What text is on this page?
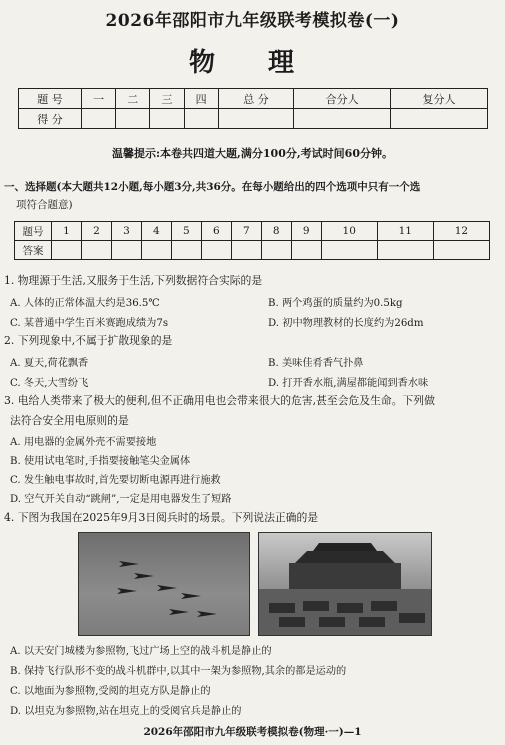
2026年邵阳市九年级联考模拟卷(一)
物 理
题 号	一	二	三	四	总 分	合分人	复分人
得 分							
温馨提示:本卷共四道大题,满分100分,考试时间60分钟。
一、选择题(本大题共12小题,每小题3分,共36分。在每小题给出的四个选项中只有一个选
项符合题意)
题号	1	2	3	4	5	6	7	8	9	10	11	12
答案												
1. 物理源于生活,又服务于生活,下列数据符合实际的是
A. 人体的正常体温大约是36.5℃	B. 两个鸡蛋的质量约为0.5kg
C. 某普通中学生百米赛跑成绩为7s	D. 初中物理教材的长度约为26dm
2. 下列现象中,不属于扩散现象的是
A. 夏天,荷花飘香	B. 美味佳肴香气扑鼻
C. 冬天,大雪纷飞	D. 打开香水瓶,满屋都能闻到香水味
3. 电给人类带来了极大的便利,但不正确用电也会带来很大的危害,甚至会危及生命。下列做
法符合安全用电原则的是
A. 用电器的金属外壳不需要接地
B. 使用试电笔时,手指要接触笔尖金属体
C. 发生触电事故时,首先要切断电源再进行施救
D. 空气开关自动“跳闸”,一定是用电器发生了短路
4. 下图为我国在2025年9月3日阅兵时的场景。下列说法正确的是
A. 以天安门城楼为参照物,飞过广场上空的战斗机是静止的
B. 保持飞行队形不变的战斗机群中,以其中一架为参照物,其余的都是运动的
C. 以地面为参照物,受阅的坦克方队是静止的
D. 以坦克为参照物,站在坦克上的受阅官兵是静止的
2026年邵阳市九年级联考模拟卷(物理·一)—1
